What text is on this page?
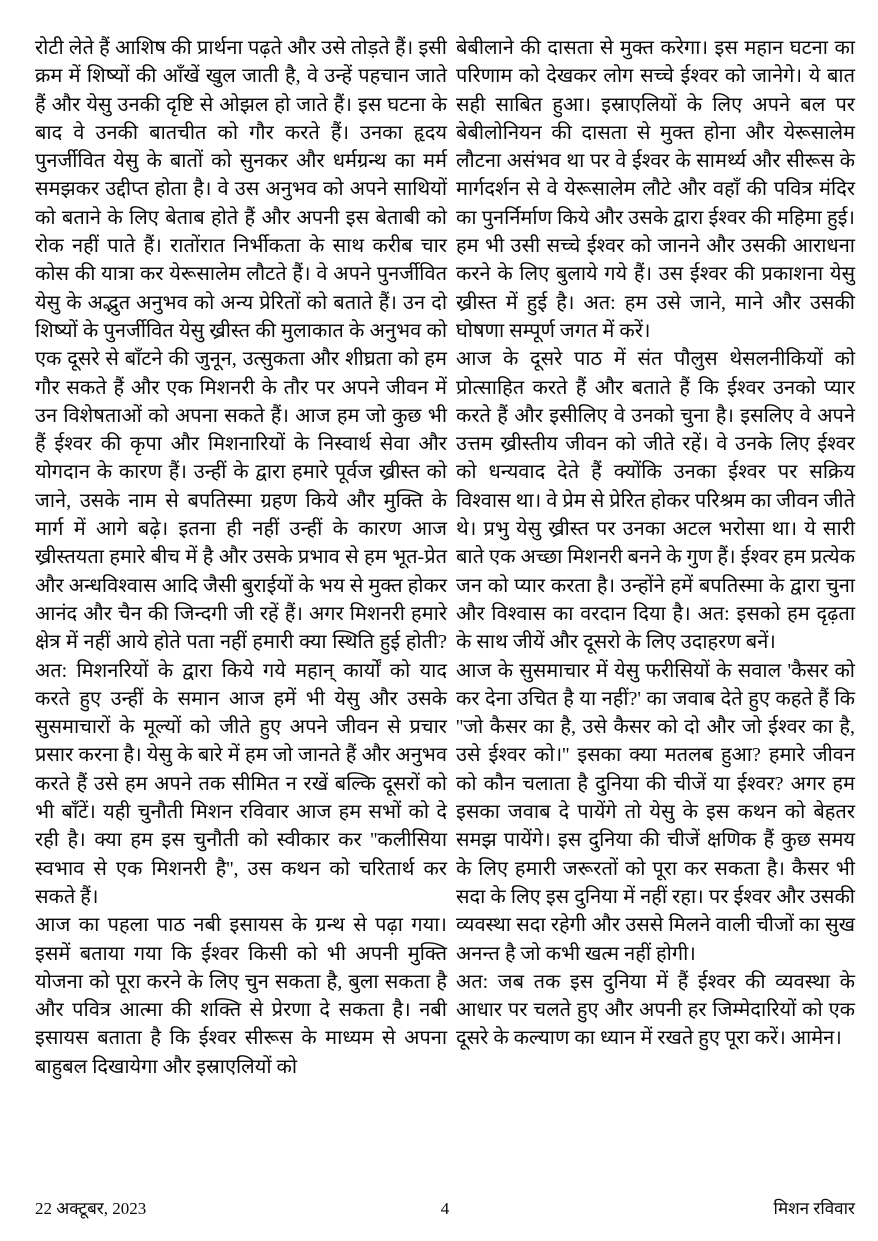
रोटी लेते हैं आशिष की प्रार्थना पढ़ते और उसे तोड़ते हैं। इसी क्रम में शिष्यों की आँखें खुल जाती है, वे उन्हें पहचान जाते हैं और येसु उनकी दृष्टि से ओझल हो जाते हैं। इस घटना के बाद वे उनकी बातचीत को गौर करते हैं। उनका हृदय पुनर्जीवित येसु के बातों को सुनकर और धर्मग्रन्थ का मर्म समझकर उद्दीप्त होता है। वे उस अनुभव को अपने साथियों को बताने के लिए बेताब होते हैं और अपनी इस बेताबी को रोक नहीं पाते हैं। रातोंरात निर्भीकता के साथ करीब चार कोस की यात्रा कर येरूसालेम लौटते हैं। वे अपने पुनर्जीवित येसु के अद्भुत अनुभव को अन्य प्रेरितों को बताते हैं। उन दो शिष्यों के पुनर्जीवित येसु ख्रीस्त की मुलाकात के अनुभव को एक दूसरे से बाँटने की जुनून, उत्सुकता और शीघ्रता को हम गौर सकते हैं और एक मिशनरी के तौर पर अपने जीवन में उन विशेषताओं को अपना सकते हैं। आज हम जो कुछ भी हैं ईश्वर की कृपा और मिशनारियों के निस्वार्थ सेवा और योगदान के कारण हैं। उन्हीं के द्वारा हमारे पूर्वज ख्रीस्त को जाने, उसके नाम से बपतिस्मा ग्रहण किये और मुक्ति के मार्ग में आगे बढ़े। इतना ही नहीं उन्हीं के कारण आज ख्रीस्तयता हमारे बीच में है और उसके प्रभाव से हम भूत-प्रेत और अन्धविश्वास आदि जैसी बुराईयों के भय से मुक्त होकर आनंद और चैन की जिन्दगी जी रहें हैं। अगर मिशनरी हमारे क्षेत्र में नहीं आये होते पता नहीं हमारी क्या स्थिति हुई होती? अत: मिशनरियों के द्वारा किये गये महान् कार्यों को याद करते हुए उन्हीं के समान आज हमें भी येसु और उसके सुसमाचारों के मूल्यों को जीते हुए अपने जीवन से प्रचार प्रसार करना है। येसु के बारे में हम जो जानते हैं और अनुभव करते हैं उसे हम अपने तक सीमित न रखें बल्कि दूसरों को भी बाँटें। यही चुनौती मिशन रविवार आज हम सभों को दे रही है। क्या हम इस चुनौती को स्वीकार कर ''कलीसिया स्वभाव से एक मिशनरी है'', उस कथन को चरितार्थ कर सकते हैं।

आज का पहला पाठ नबी इसायस के ग्रन्थ से पढ़ा गया। इसमें बताया गया कि ईश्वर किसी को भी अपनी मुक्ति योजना को पूरा करने के लिए चुन सकता है, बुला सकता है और पवित्र आत्मा की शक्ति से प्रेरणा दे सकता है। नबी इसायस बताता है कि ईश्वर सीरूस के माध्यम से अपना बाहुबल दिखायेगा और इस्राएलियों को

बेबीलाने की दासता से मुक्त करेगा। इस महान घटना का परिणाम को देखकर लोग सच्चे ईश्वर को जानेगे। ये बात सही साबित हुआ। इस्राएलियों के लिए अपने बल पर बेबीलोनियन की दासता से मुक्त होना और येरूसालेम लौटना असंभव था पर वे ईश्वर के सामर्थ्य और सीरूस के मार्गदर्शन से वे येरूसालेम लौटे और वहाँ की पवित्र मंदिर का पुनर्निर्माण किये और उसके द्वारा ईश्वर की महिमा हुई। हम भी उसी सच्चे ईश्वर को जानने और उसकी आराधना करने के लिए बुलाये गये हैं। उस ईश्वर की प्रकाशना येसु ख्रीस्त में हुई है। अत: हम उसे जाने, माने और उसकी घोषणा सम्पूर्ण जगत में करें।

आज के दूसरे पाठ में संत पौलुस थेसलनीकियों को प्रोत्साहित करते हैं और बताते हैं कि ईश्वर उनको प्यार करते हैं और इसीलिए वे उनको चुना है। इसलिए वे अपने उत्तम ख्रीस्तीय जीवन को जीते रहें। वे उनके लिए ईश्वर को धन्यवाद देते हैं क्योंकि उनका ईश्वर पर सक्रिय विश्वास था। वे प्रेम से प्रेरित होकर परिश्रम का जीवन जीते थे। प्रभु येसु ख्रीस्त पर उनका अटल भरोसा था। ये सारी बाते एक अच्छा मिशनरी बनने के गुण हैं। ईश्वर हम प्रत्येक जन को प्यार करता है। उन्होंने हमें बपतिस्मा के द्वारा चुना और विश्वास का वरदान दिया है। अत: इसको हम दृढ़ता के साथ जीयें और दूसरो के लिए उदाहरण बनें।

आज के सुसमाचार में येसु फरीसियों के सवाल 'कैसर को कर देना उचित है या नहीं?' का जवाब देते हुए कहते हैं कि ''जो कैसर का है, उसे कैसर को दो और जो ईश्वर का है, उसे ईश्वर को।'' इसका क्या मतलब हुआ? हमारे जीवन को कौन चलाता है दुनिया की चीजें या ईश्वर? अगर हम इसका जवाब दे पायेंगे तो येसु के इस कथन को बेहतर समझ पायेंगे। इस दुनिया की चीजें क्षणिक हैं कुछ समय के लिए हमारी जरूरतों को पूरा कर सकता है। कैसर भी सदा के लिए इस दुनिया में नहीं रहा। पर ईश्वर और उसकी व्यवस्था सदा रहेगी और उससे मिलने वाली चीजों का सुख अनन्त है जो कभी खत्म नहीं होगी।

अत: जब तक इस दुनिया में हैं ईश्वर की व्यवस्था के आधार पर चलते हुए और अपनी हर जिम्मेदारियों को एक दूसरे के कल्याण का ध्यान में रखते हुए पूरा करें। आमेन।

22 अक्टूबर, 2023	4	मिशन रविवार
